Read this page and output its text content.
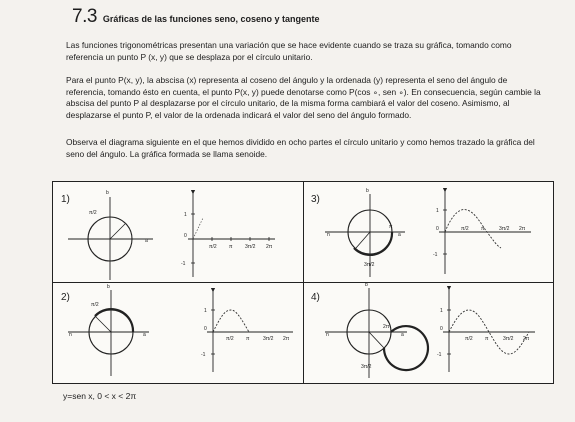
7.3 Gráficas de las funciones seno, coseno y tangente

Las funciones trigonométricas presentan una variación que se hace evidente cuando se traza su gráfica, tomando como referencia un punto P (x, y) que se desplaza por el círculo unitario.

Para el punto P(x, y), la abscisa (x) representa al coseno del ángulo y la ordenada (y) representa el seno del ángulo de referencia, tomando ésto en cuenta, el punto P(x, y) puede denotarse como P(cos ∘, sen ∘). En consecuencia, según cambie la abscisa del punto P al desplazarse por el círculo unitario, de la misma forma cambiará el valor del coseno. Asimismo, al desplazarse el punto P, el valor de la ordenada indicará el valor del seno del ángulo formado.

Observa el diagrama siguiente en el que hemos dividido en ocho partes el círculo unitario y como hemos trazado la gráfica del seno del ángulo. La gráfica formada se llama senoide.

1)
b
a
π/2	1
-1
0
π/2 π	3π/2 2π
3)
b
a
n
π
3π/2
1
-1
0	π/2 π	3π/2 2π
2)
b
a
n
π/2
1
-1
0
π/2 π	3π/2 2π
4)
b
a
n
2π
3π/2
1
-1
0
π/2 π	3π/2 2π
y=sen x, 0 < x < 2π
